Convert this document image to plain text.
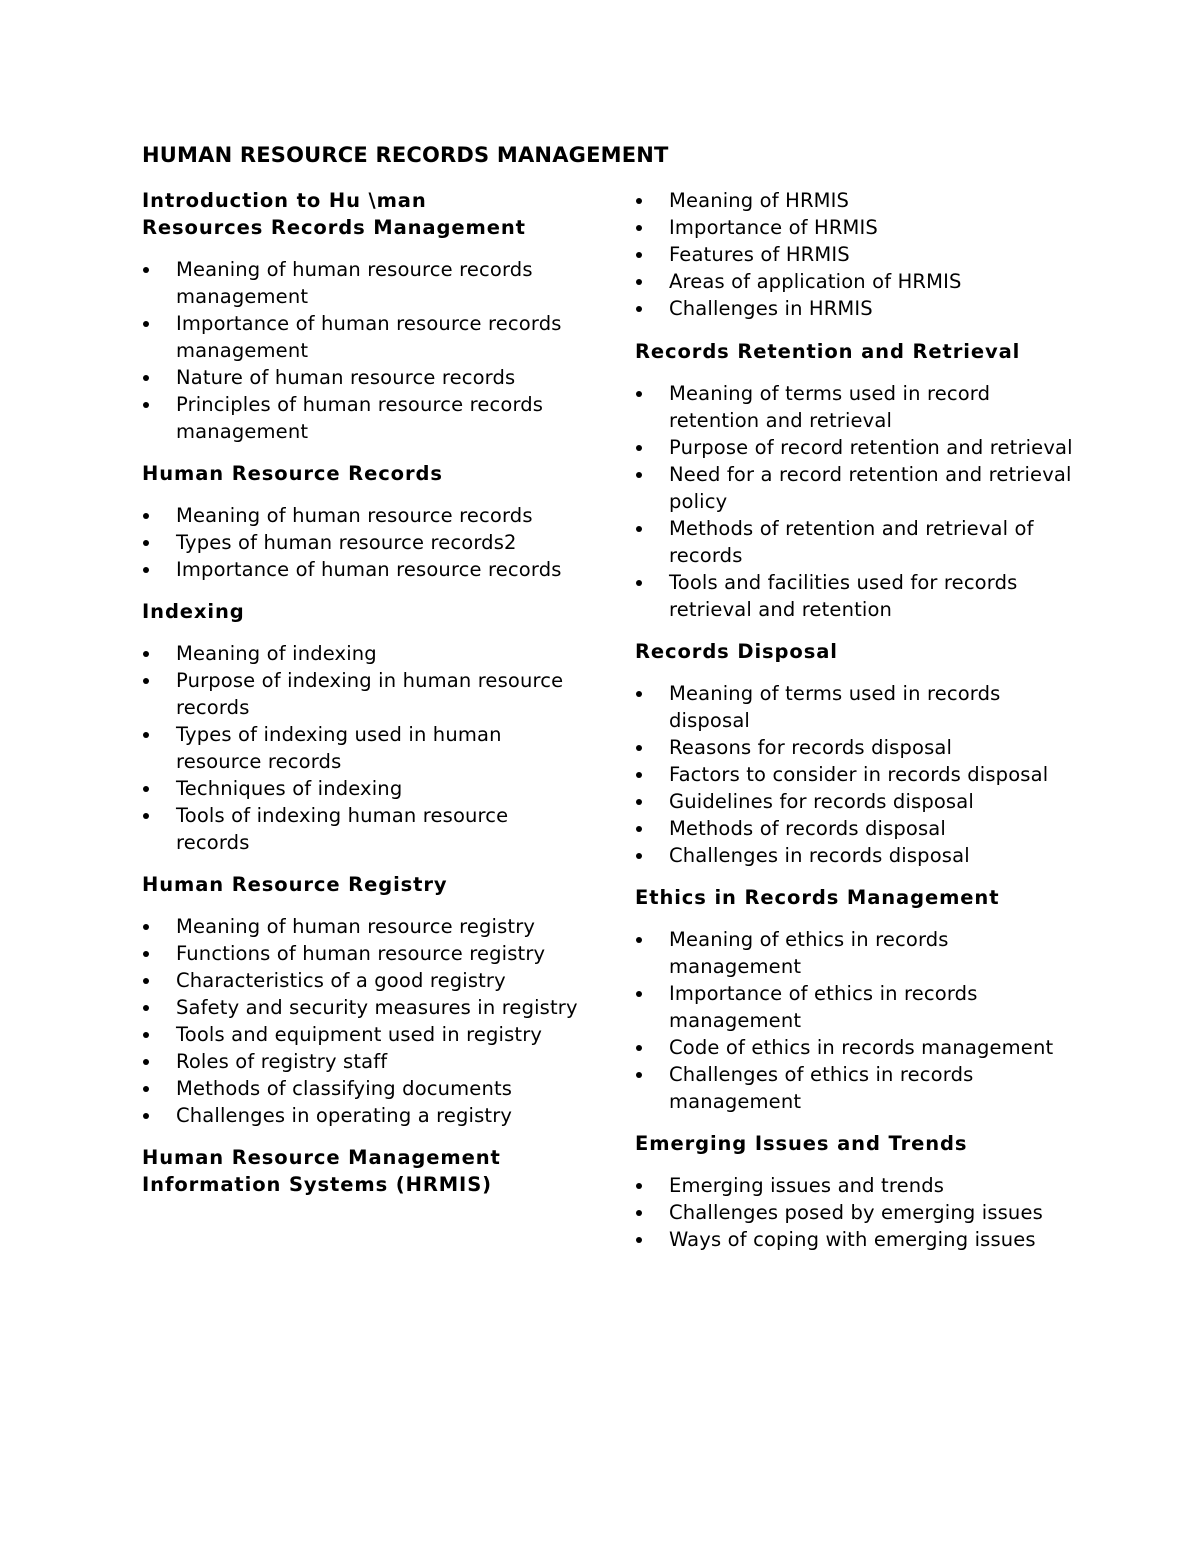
HUMAN RESOURCE RECORDS MANAGEMENT
Introduction to Hu \man
Resources Records Management
Meaning of human resource records management
Importance of human resource records management
Nature of human resource records
Principles of human resource records management
Human Resource Records
Meaning of human resource records
Types of human resource records2
Importance of human resource records
Indexing
Meaning of indexing
Purpose of indexing in human resource records
Types of indexing used in human resource records
Techniques of indexing
Tools of indexing human resource records
Human Resource Registry
Meaning of human resource registry
Functions of human resource registry
Characteristics of a good registry
Safety and security measures in registry
Tools and equipment used in registry
Roles of registry staff
Methods of classifying documents
Challenges in operating a registry
Human Resource Management
Information Systems (HRMIS)
Meaning of HRMIS
Importance of HRMIS
Features of HRMIS
Areas of application of HRMIS
Challenges in HRMIS
Records Retention and Retrieval
Meaning of terms used in record retention and retrieval
Purpose of record retention and retrieval
Need for a record retention and retrieval policy
Methods of retention and retrieval of records
Tools and facilities used for records retrieval and retention
Records Disposal
Meaning of terms used in records disposal
Reasons for records disposal
Factors to consider in records disposal
Guidelines for records disposal
Methods of records disposal
Challenges in records disposal
Ethics in Records Management
Meaning of ethics in records management
Importance of ethics in records management
Code of ethics in records management
Challenges of ethics in records management
Emerging Issues and Trends
Emerging issues and trends
Challenges posed by emerging issues
Ways of coping with emerging issues
